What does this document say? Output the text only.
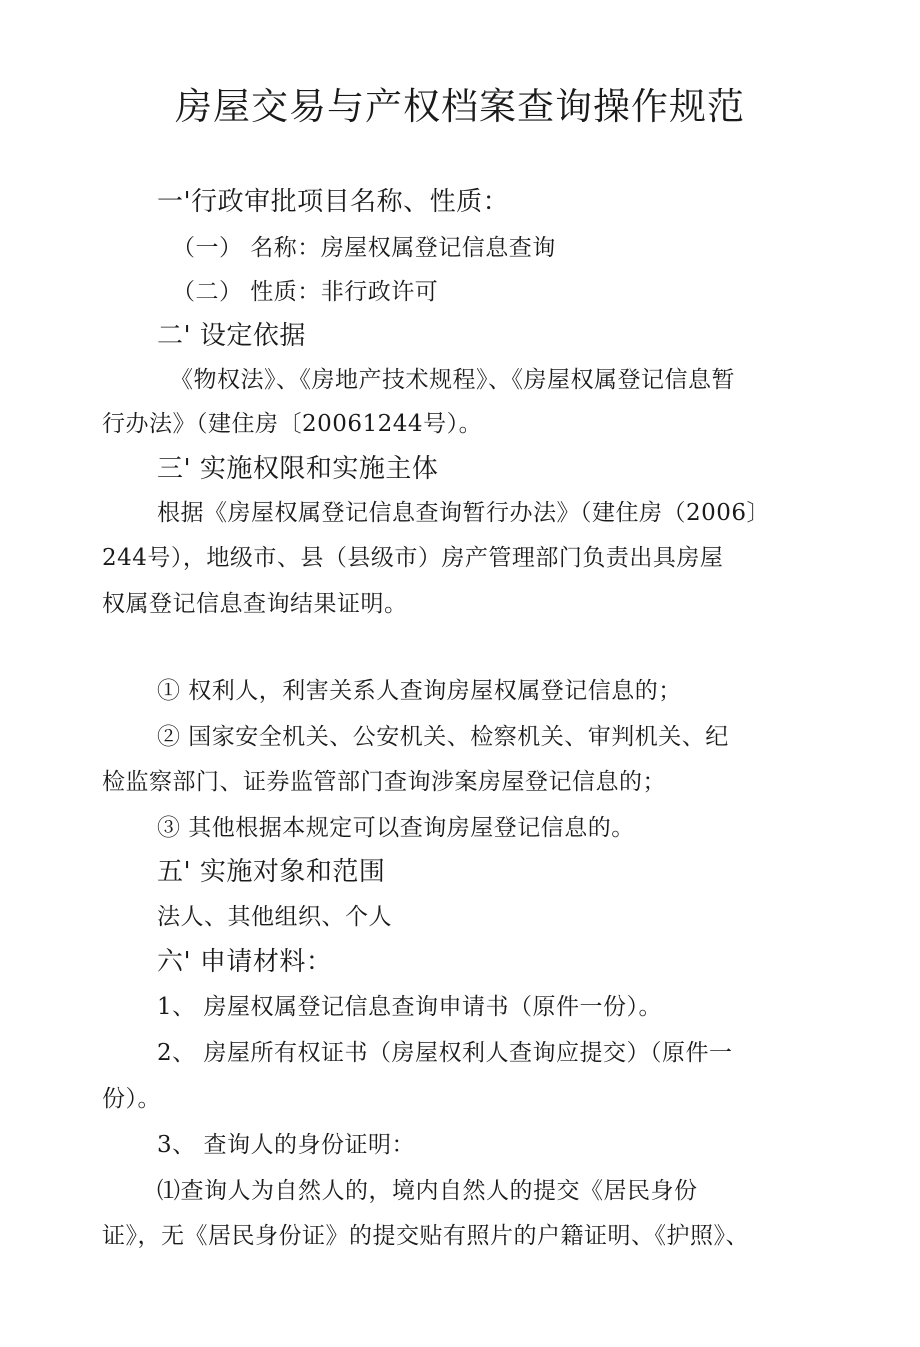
房屋交易与产权档案查询操作规范

一'行政审批项目名称、性质：

（一） 名称：房屋权属登记信息查询

（二） 性质：非行政许可

二' 设定依据

《物权法》、《房地产技术规程》、《房屋权属登记信息暂

行办法》（建住房〔20061244号）。

三' 实施权限和实施主体

根据《房屋权属登记信息查询暂行办法》（建住房（2006〕

244号），地级市、县（县级市）房产管理部门负责出具房屋

权属登记信息查询结果证明。

① 权利人，利害关系人查询房屋权属登记信息的；

② 国家安全机关、公安机关、检察机关、审判机关、纪

检监察部门、证券监管部门查询涉案房屋登记信息的；

③ 其他根据本规定可以查询房屋登记信息的。

五' 实施对象和范围

法人、其他组织、个人

六' 申请材料：

1、 房屋权属登记信息查询申请书（原件一份）。

2、 房屋所有权证书（房屋权利人查询应提交）（原件一

份）。

3、 查询人的身份证明：

⑴查询人为自然人的，境内自然人的提交《居民身份

证》，无《居民身份证》的提交贴有照片的户籍证明、《护照》、
